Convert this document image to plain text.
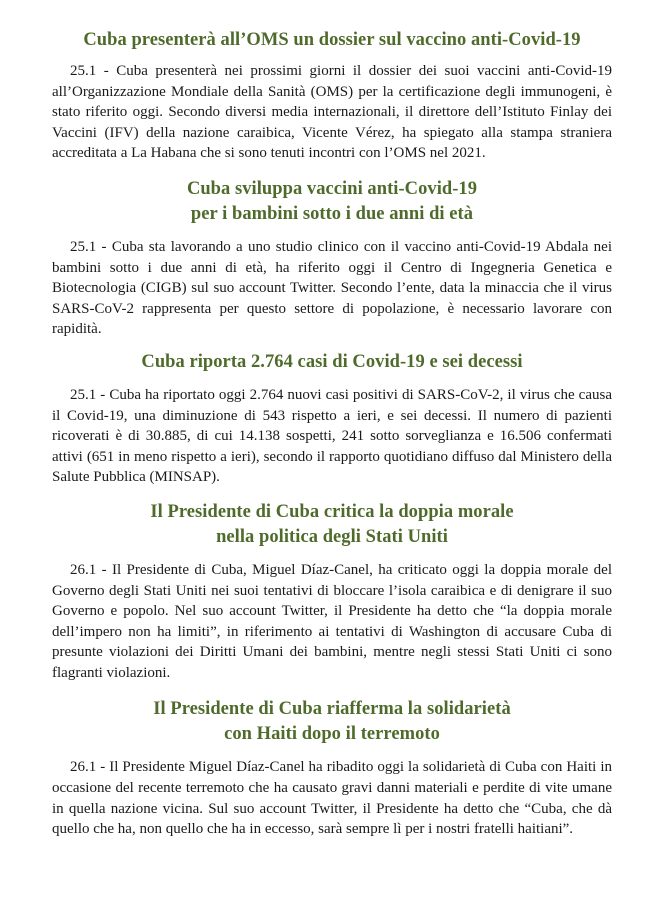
Cuba presenterà all’OMS un dossier sul vaccino anti-Covid-19

25.1 - Cuba presenterà nei prossimi giorni il dossier dei suoi vaccini anti-Covid-19 all’Organizzazione Mondiale della Sanità (OMS) per la certificazione degli immunogeni, è stato riferito oggi. Secondo diversi media internazionali, il direttore dell’Istituto Finlay dei Vaccini (IFV) della nazione caraibica, Vicente Vérez, ha spiegato alla stampa straniera accreditata a La Habana che si sono tenuti incontri con l’OMS nel 2021.

Cuba sviluppa vaccini anti-Covid-19
per i bambini sotto i due anni di età

25.1 - Cuba sta lavorando a uno studio clinico con il vaccino anti-Covid-19 Abdala nei bambini sotto i due anni di età, ha riferito oggi il Centro di Ingegneria Genetica e Biotecnologia (CIGB) sul suo account Twitter. Secondo l’ente, data la minaccia che il virus SARS-CoV-2 rappresenta per questo settore di popolazione, è necessario lavorare con rapidità.

Cuba riporta 2.764 casi di Covid-19 e sei decessi

25.1 - Cuba ha riportato oggi 2.764 nuovi casi positivi di SARS-CoV-2, il virus che causa il Covid-19, una diminuzione di 543 rispetto a ieri, e sei decessi. Il numero di pazienti ricoverati è di 30.885, di cui 14.138 sospetti, 241 sotto sorveglianza e 16.506 confermati attivi (651 in meno rispetto a ieri), secondo il rapporto quotidiano diffuso dal Ministero della Salute Pubblica (MINSAP).

Il Presidente di Cuba critica la doppia morale
nella politica degli Stati Uniti

26.1 - Il Presidente di Cuba, Miguel Díaz-Canel, ha criticato oggi la doppia morale del Governo degli Stati Uniti nei suoi tentativi di bloccare l’isola caraibica e di denigrare il suo Governo e popolo. Nel suo account Twitter, il Presidente ha detto che “la doppia morale dell’impero non ha limiti”, in riferimento ai tentativi di Washington di accusare Cuba di presunte violazioni dei Diritti Umani dei bambini, mentre negli stessi Stati Uniti ci sono flagranti violazioni.

Il Presidente di Cuba riafferma la solidarietà
con Haiti dopo il terremoto

26.1 - Il Presidente Miguel Díaz-Canel ha ribadito oggi la solidarietà di Cuba con Haiti in occasione del recente terremoto che ha causato gravi danni materiali e perdite di vite umane in quella nazione vicina. Sul suo account Twitter, il Presidente ha detto che “Cuba, che dà quello che ha, non quello che ha in eccesso, sarà sempre lì per i nostri fratelli haitiani”.
